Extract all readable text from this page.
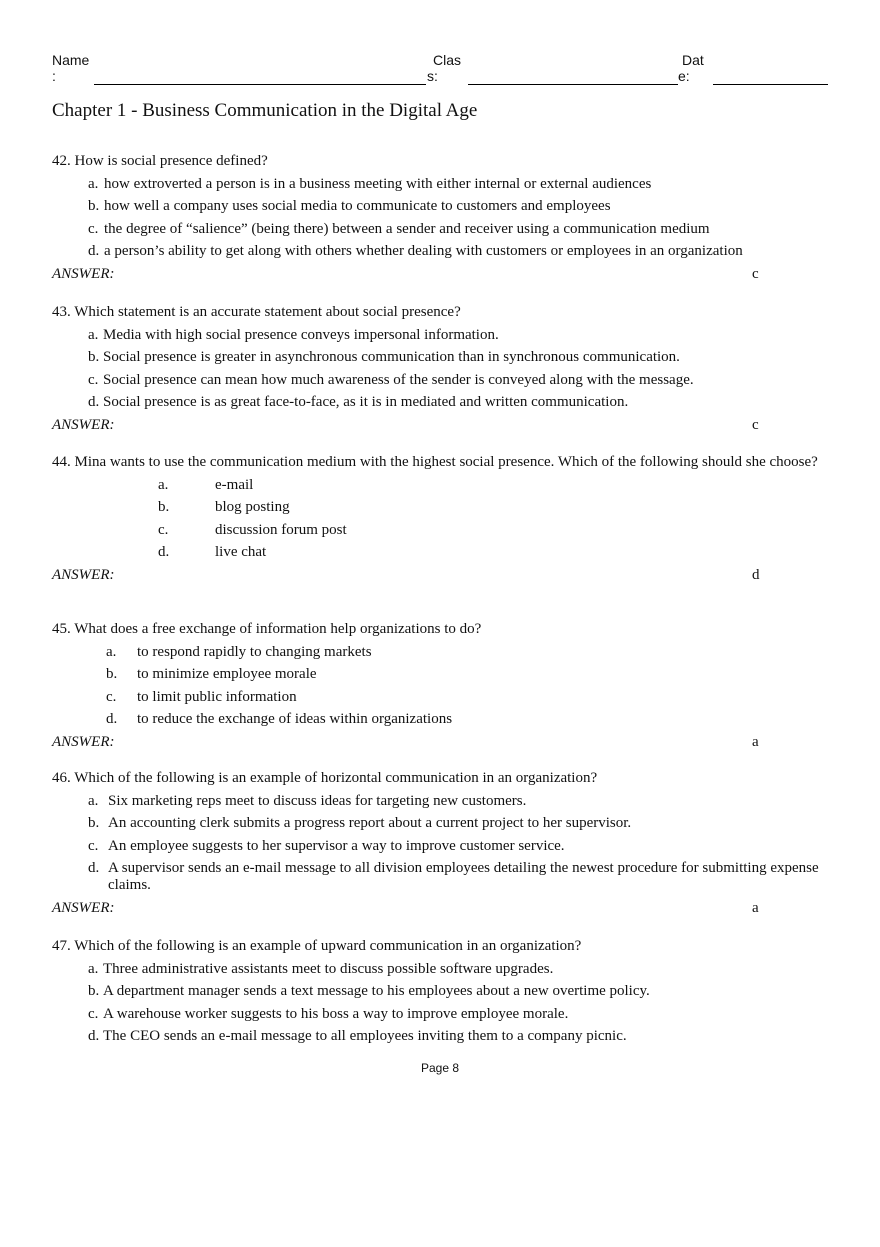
Name
:
Clas
s:
Dat
e:
Chapter 1 - Business Communication in the Digital Age
42. How is social presence defined?
a. how extroverted a person is in a business meeting with either internal or external audiences
b. how well a company uses social media to communicate to customers and employees
c. the degree of “salience” (being there) between a sender and receiver using a communication medium
d. a person’s ability to get along with others whether dealing with customers or employees in an organization
ANSWER:	c
43. Which statement is an accurate statement about social presence?
a. Media with high social presence conveys impersonal information.
b. Social presence is greater in asynchronous communication than in synchronous communication.
c. Social presence can mean how much awareness of the sender is conveyed along with the message.
d. Social presence is as great face-to-face, as it is in mediated and written communication.
ANSWER:	c
44. Mina wants to use the communication medium with the highest social presence. Which of the following should she choose?
a.	e-mail
b.	blog posting
c.	discussion forum post
d.	live chat
ANSWER:	d
45. What does a free exchange of information help organizations to do?
a.	to respond rapidly to changing markets
b.	to minimize employee morale
c.	to limit public information
d.	to reduce the exchange of ideas within organizations
ANSWER:	a
46. Which of the following is an example of horizontal communication in an organization?
a. Six marketing reps meet to discuss ideas for targeting new customers.
b. An accounting clerk submits a progress report about a current project to her supervisor.
c. An employee suggests to her supervisor a way to improve customer service.
d. A supervisor sends an e-mail message to all division employees detailing the newest procedure for submitting expense claims.
ANSWER:	a
47. Which of the following is an example of upward communication in an organization?
a. Three administrative assistants meet to discuss possible software upgrades.
b. A department manager sends a text message to his employees about a new overtime policy.
c. A warehouse worker suggests to his boss a way to improve employee morale.
d. The CEO sends an e-mail message to all employees inviting them to a company picnic.
Page 8
